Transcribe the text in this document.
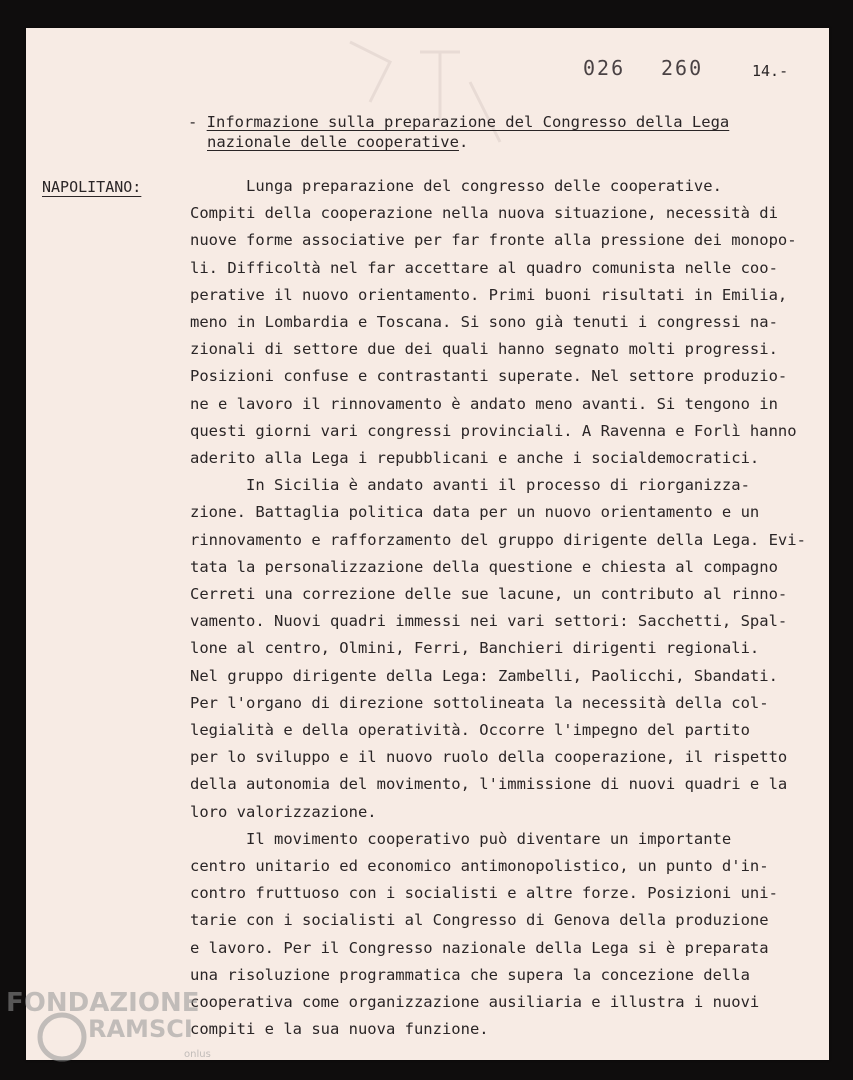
026 260	14.-
- Informazione sulla preparazione del Congresso della Lega
nazionale delle cooperative.
NAPOLITANO:	Lunga preparazione del congresso delle cooperative.
Compiti della cooperazione nella nuova situazione, necessità di
nuove forme associative per far fronte alla pressione dei monopo-
li. Difficoltà nel far accettare al quadro comunista nelle coo-
perative il nuovo orientamento. Primi buoni risultati in Emilia,
meno in Lombardia e Toscana. Si sono già tenuti i congressi na-
zionali di settore due dei quali hanno segnato molti progressi.
Posizioni confuse e contrastanti superate. Nel settore produzio-
ne e lavoro il rinnovamento è andato meno avanti. Si tengono in
questi giorni vari congressi provinciali. A Ravenna e Forlì hanno
aderito alla Lega i repubblicani e anche i socialdemocratici.
In Sicilia è andato avanti il processo di riorganizza-
zione. Battaglia politica data per un nuovo orientamento e un
rinnovamento e rafforzamento del gruppo dirigente della Lega. Evi-
tata la personalizzazione della questione e chiesta al compagno
Cerreti una correzione delle sue lacune, un contributo al rinno-
vamento. Nuovi quadri immessi nei vari settori: Sacchetti, Spal-
lone al centro, Olmini, Ferri, Banchieri dirigenti regionali.
Nel gruppo dirigente della Lega: Zambelli, Paolicchi, Sbandati.
Per l'organo di direzione sottolineata la necessità della col-
legialità e della operatività. Occorre l'impegno del partito
per lo sviluppo e il nuovo ruolo della cooperazione, il rispetto
della autonomia del movimento, l'immissione di nuovi quadri e la
loro valorizzazione.
Il movimento cooperativo può diventare un importante
centro unitario ed economico antimonopolistico, un punto d'in-
contro fruttuoso con i socialisti e altre forze. Posizioni uni-
tarie con i socialisti al Congresso di Genova della produzione
e lavoro. Per il Congresso nazionale della Lega si è preparata
una risoluzione programmatica che supera la concezione della
cooperativa come organizzazione ausiliaria e illustra i nuovi
compiti e la sua nuova funzione.
FONDAZIONE
RAMSCI
onlus
